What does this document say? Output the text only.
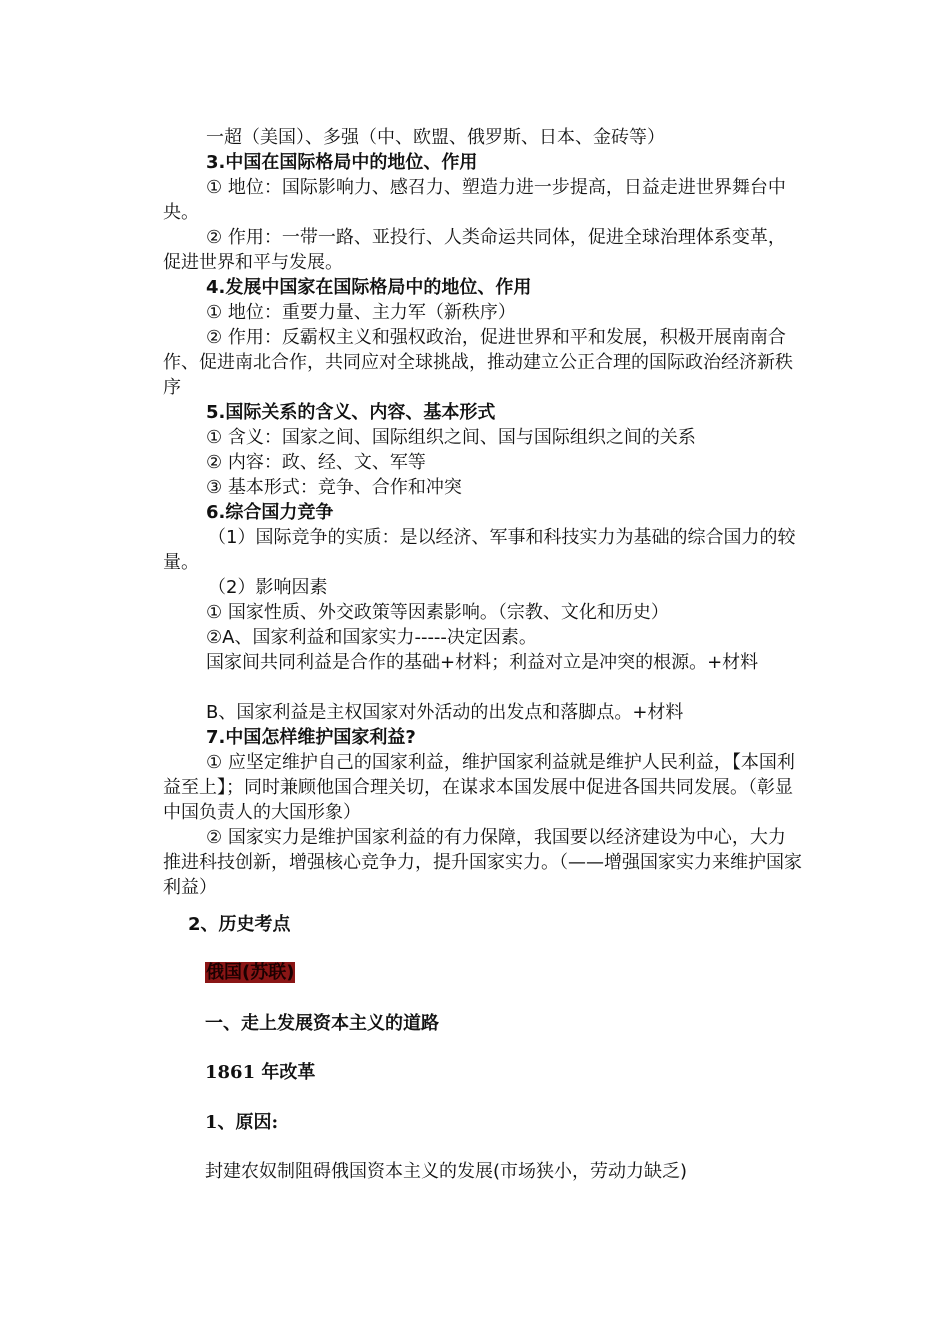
一超（美国）、多强（中、欧盟、俄罗斯、日本、金砖等）

3.中国在国际格局中的地位、作用

① 地位：国际影响力、感召力、塑造力进一步提高，日益走进世界舞台中央。

② 作用：一带一路、亚投行、人类命运共同体，促进全球治理体系变革，促进世界和平与发展。

4.发展中国家在国际格局中的地位、作用

① 地位：重要力量、主力军（新秩序）

② 作用：反霸权主义和强权政治，促进世界和平和发展，积极开展南南合作、促进南北合作，共同应对全球挑战，推动建立公正合理的国际政治经济新秩序

5.国际关系的含义、内容、基本形式

① 含义：国家之间、国际组织之间、国与国际组织之间的关系

② 内容：政、经、文、军等

③ 基本形式：竞争、合作和冲突

6.综合国力竞争

（1）国际竞争的实质：是以经济、军事和科技实力为基础的综合国力的较量。

（2）影响因素

① 国家性质、外交政策等因素影响。（宗教、文化和历史）

②A、国家利益和国家实力-----决定因素。

国家间共同利益是合作的基础+材料；利益对立是冲突的根源。+材料

B、国家利益是主权国家对外活动的出发点和落脚点。+材料

7.中国怎样维护国家利益?

① 应坚定维护自己的国家利益，维护国家利益就是维护人民利益，【本国利益至上】；同时兼顾他国合理关切，在谋求本国发展中促进各国共同发展。（彰显中国负责人的大国形象）

② 国家实力是维护国家利益的有力保障，我国要以经济建设为中心，大力推进科技创新，增强核心竞争力，提升国家实力。（——增强国家实力来维护国家利益）

2、历史考点

俄国(苏联)

一、走上发展资本主义的道路

1861 年改革

1、原因:

封建农奴制阻碍俄国资本主义的发展(市场狭小，劳动力缺乏)
